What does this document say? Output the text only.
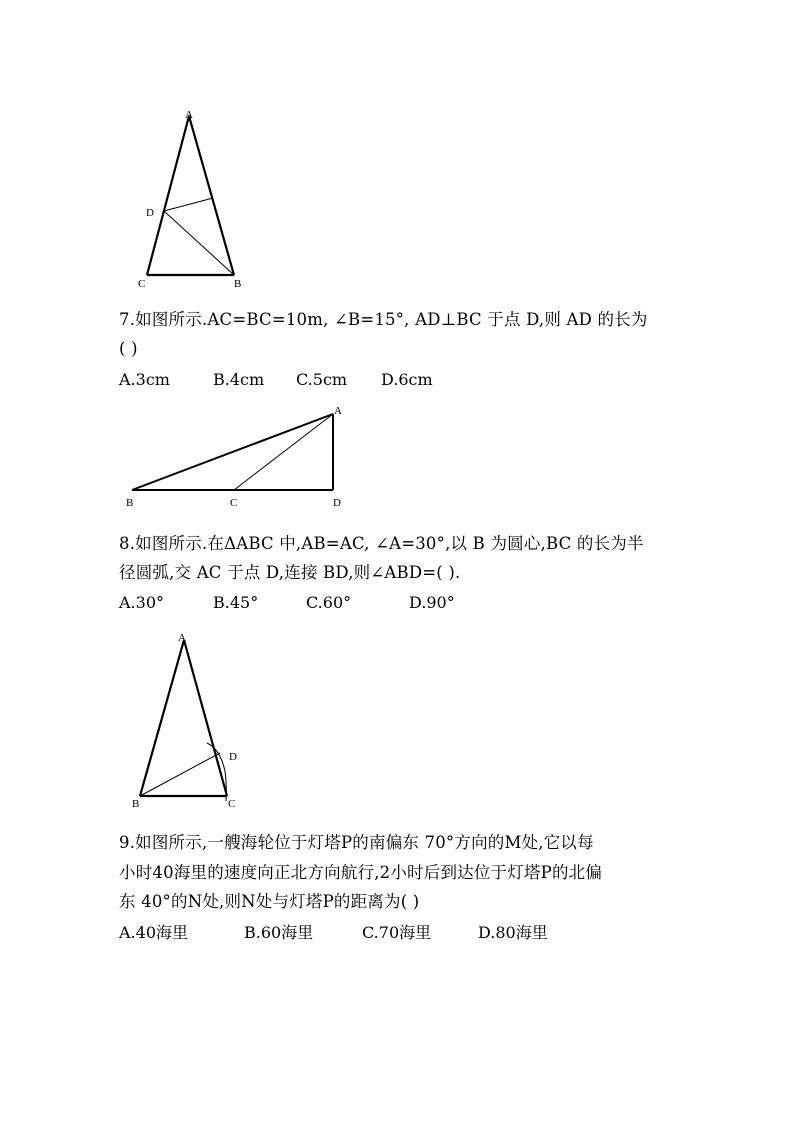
A
D
C	B
7.如图所示.AC=BC=10m, ∠B=15°, AD⊥BC 于点 D,则 AD 的长为
( )
A.3cm	B.4cm C.5cm D.6cm
A
B	C	D
8.如图所示.在ΔABC 中,AB=AC, ∠A=30°,以 B 为圆心,BC 的长为半
径圆弧,交 AC 于点 D,连接 BD,则∠ABD=( ).
A.30°	B.45°	C.60°	D.90°
A
D
B	C
9.如图所示,一艘海轮位于灯塔P的南偏东 70°方向的M处,它以每
小时40海里的速度向正北方向航行,2小时后到达位于灯塔P的北偏
东 40°的N处,则N处与灯塔P的距离为( )
A.40海里	B.60海里	C.70海里	D.80海里
